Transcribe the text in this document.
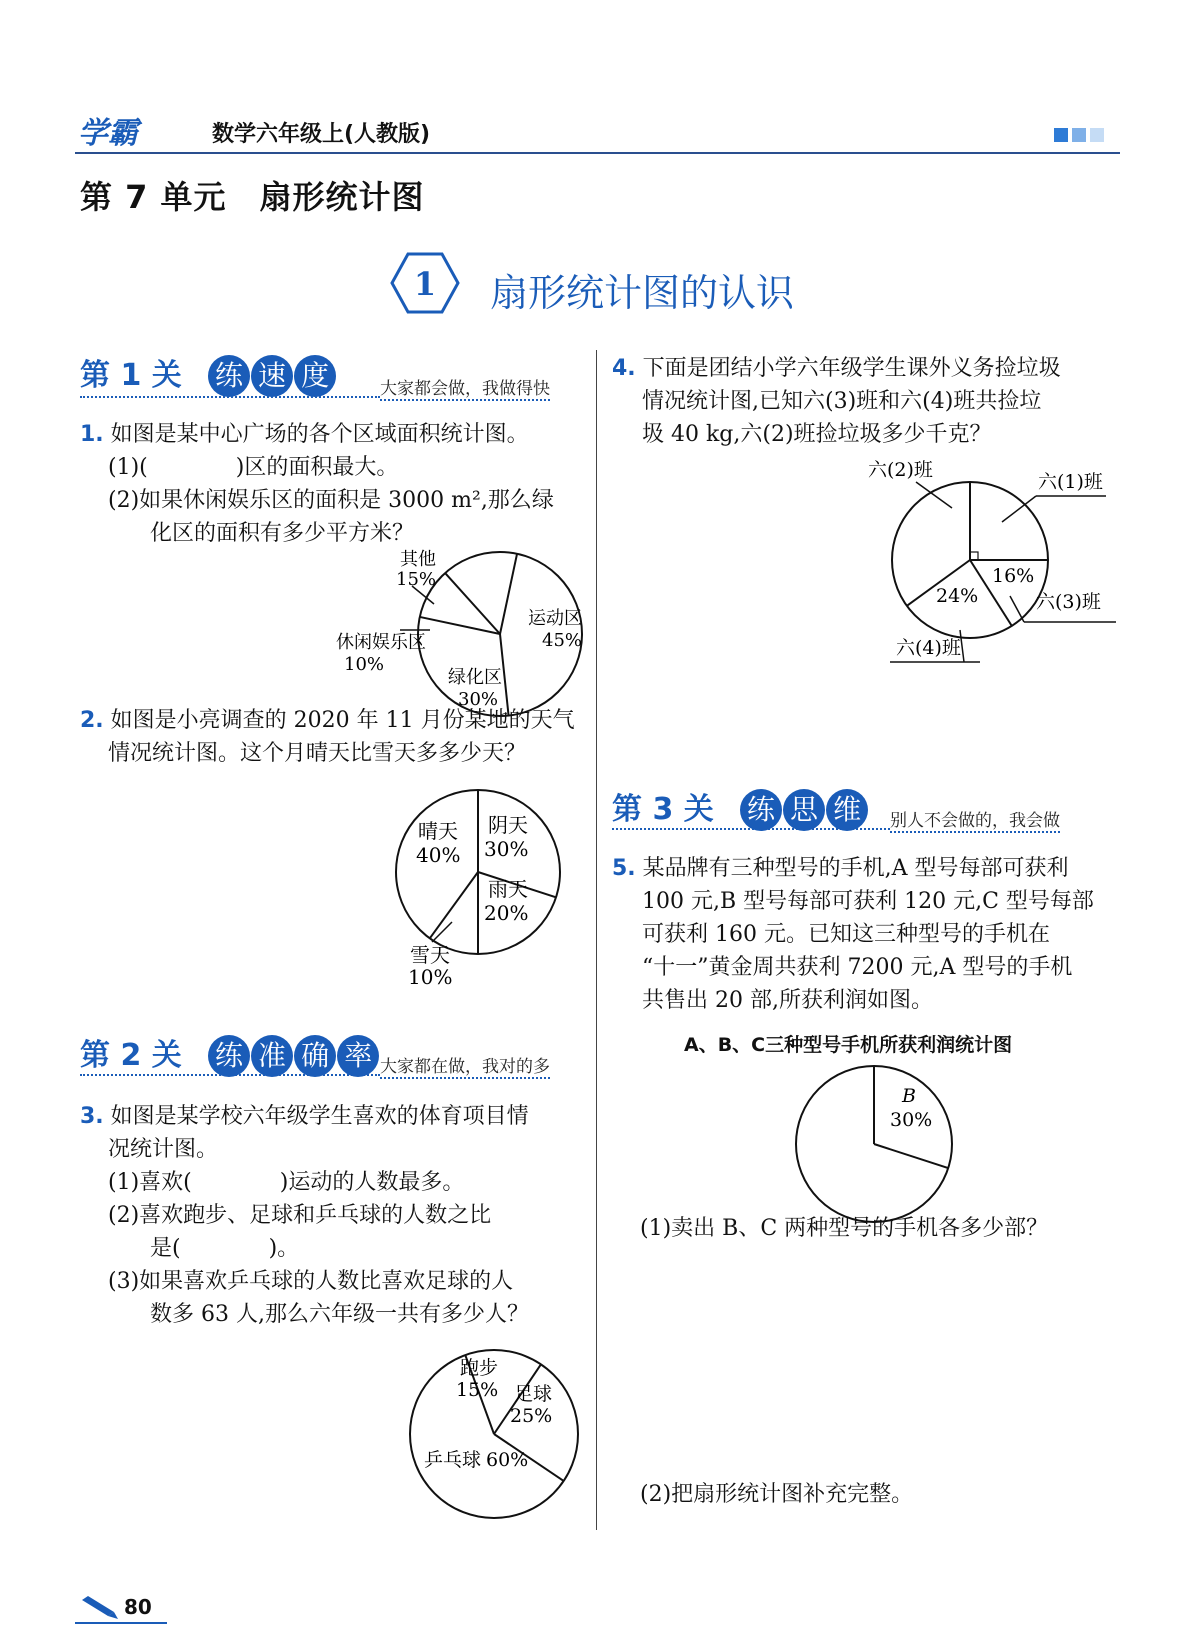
学霸	数学六年级上(人教版)
第 7 单元　扇形统计图
1 扇形统计图的认识
第 1 关 练 速 度	大家都会做，我做得快
1. 如图是某中心广场的各个区域面积统计图。
(1)(　　　　)区的面积最大。
(2)如果休闲娱乐区的面积是 3000 m²,那么绿
化区的面积有多少平方米？
其他
15%
运动区
45%
绿化区
30%
休闲娱乐区
10%
2. 如图是小亮调查的 2020 年 11 月份某地的天气
情况统计图。这个月晴天比雪天多多少天？
阴天
30%
雨天
20%
晴天
40%
雪天
10%
第 2 关 练 准 确 率 大家都在做，我对的多
3. 如图是某学校六年级学生喜欢的体育项目情
况统计图。
(1)喜欢(　　　　)运动的人数最多。
(2)喜欢跑步、足球和乒乓球的人数之比
是(　　　　)。
(3)如果喜欢乒乓球的人数比喜欢足球的人
数多 63 人,那么六年级一共有多少人？
跑步
15% 足球
25%
乒乓球 60%
4. 下面是团结小学六年级学生课外义务捡垃圾
情况统计图,已知六(3)班和六(4)班共捡垃
圾 40 kg,六(2)班捡垃圾多少千克？
六(2)班
六(1)班
16%
六(3)班
24%
六(4)班
第 3 关 练 思 维 别人不会做的，我会做
5. 某品牌有三种型号的手机,A 型号每部可获利
100 元,B 型号每部可获利 120 元,C 型号每部
可获利 160 元。已知这三种型号的手机在
“十一”黄金周共获利 7200 元,A 型号的手机
共售出 20 部,所获利润如图。
A、B、C三种型号手机所获利润统计图
B
30%
(1)卖出 B、C 两种型号的手机各多少部？
(2)把扇形统计图补充完整。
80
